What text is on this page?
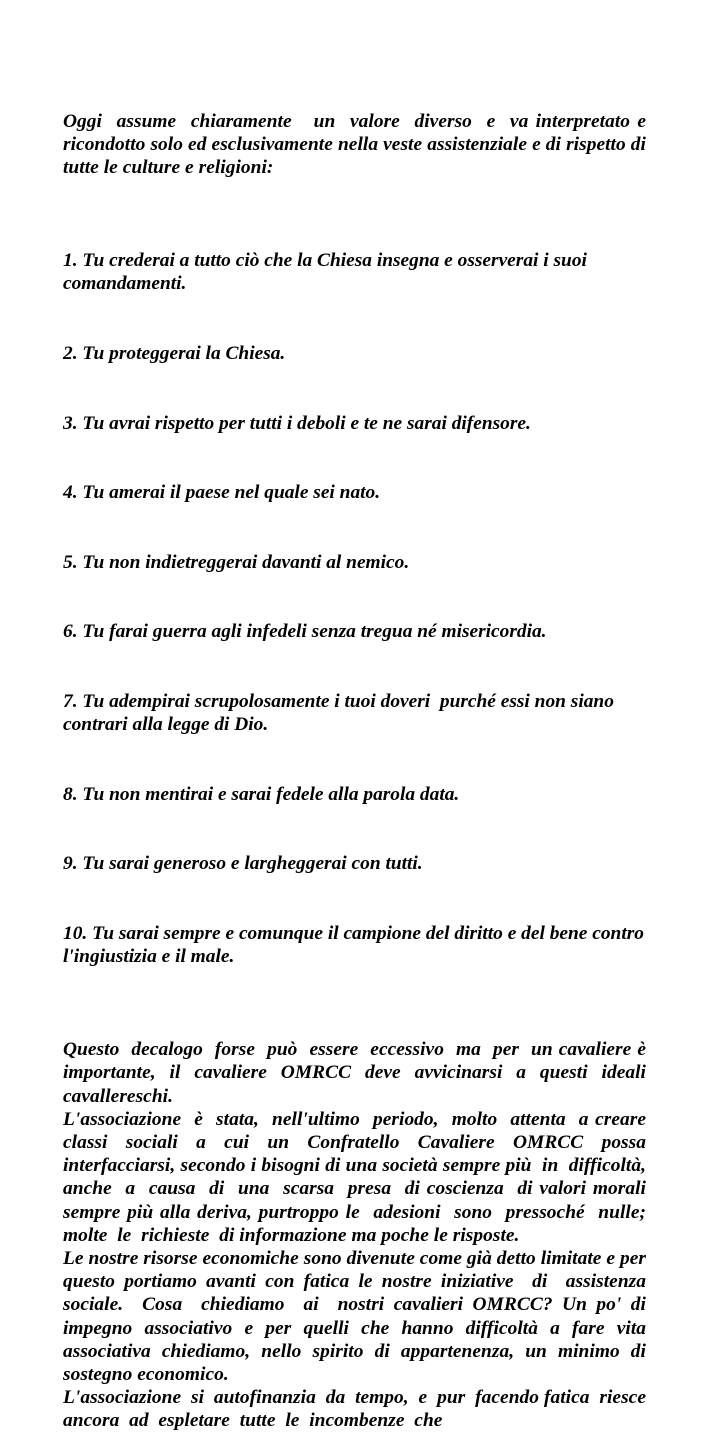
Oggi  assume  chiaramente   un  valore  diverso  e  va interpretato e ricondotto solo ed esclusivamente nella veste assistenziale e di rispetto di tutte le culture e religioni:

1. Tu crederai a tutto ciò che la Chiesa insegna e osserverai i suoi comandamenti.

2. Tu proteggerai la Chiesa.

3. Tu avrai rispetto per tutti i deboli e te ne sarai difensore.

4. Tu amerai il paese nel quale sei nato.

5. Tu non indietreggerai davanti al nemico.

6. Tu farai guerra agli infedeli senza tregua né misericordia.

7. Tu adempirai scrupolosamente i tuoi doveri  purché essi non siano contrari alla legge di Dio.

8. Tu non mentirai e sarai fedele alla parola data.

9. Tu sarai generoso e largheggerai con tutti.

10. Tu sarai sempre e comunque il campione del diritto e del bene contro l'ingiustizia e il male.

Questo  decalogo  forse  può  essere  eccessivo  ma  per  un cavaliere è importante, il cavaliere OMRCC deve avvicinarsi a questi ideali cavallereschi.

L'associazione  è  stata,  nell'ultimo  periodo,  molto  attenta  a creare classi sociali a cui un Confratello Cavaliere OMRCC possa interfacciarsi, secondo i bisogni di una società sempre più  in  difficoltà,  anche  a  causa  di  una  scarsa  presa  di coscienza  di valori morali sempre più alla deriva, purtroppo le  adesioni  sono  pressoché  nulle;  molte  le  richieste  di informazione ma poche le risposte.

Le nostre risorse economiche sono divenute come già detto limitate e per  questo portiamo avanti con fatica le nostre iniziative  di  assistenza  sociale.  Cosa  chiediamo  ai  nostri cavalieri OMRCC? Un po' di impegno associativo e per quelli che hanno difficoltà a fare vita associativa chiediamo, nello spirito di appartenenza, un minimo di sostegno economico.

L'associazione  si  autofinanzia  da  tempo,  e  pur  facendo fatica  riesce  ancora  ad  espletare  tutte  le  incombenze  che
